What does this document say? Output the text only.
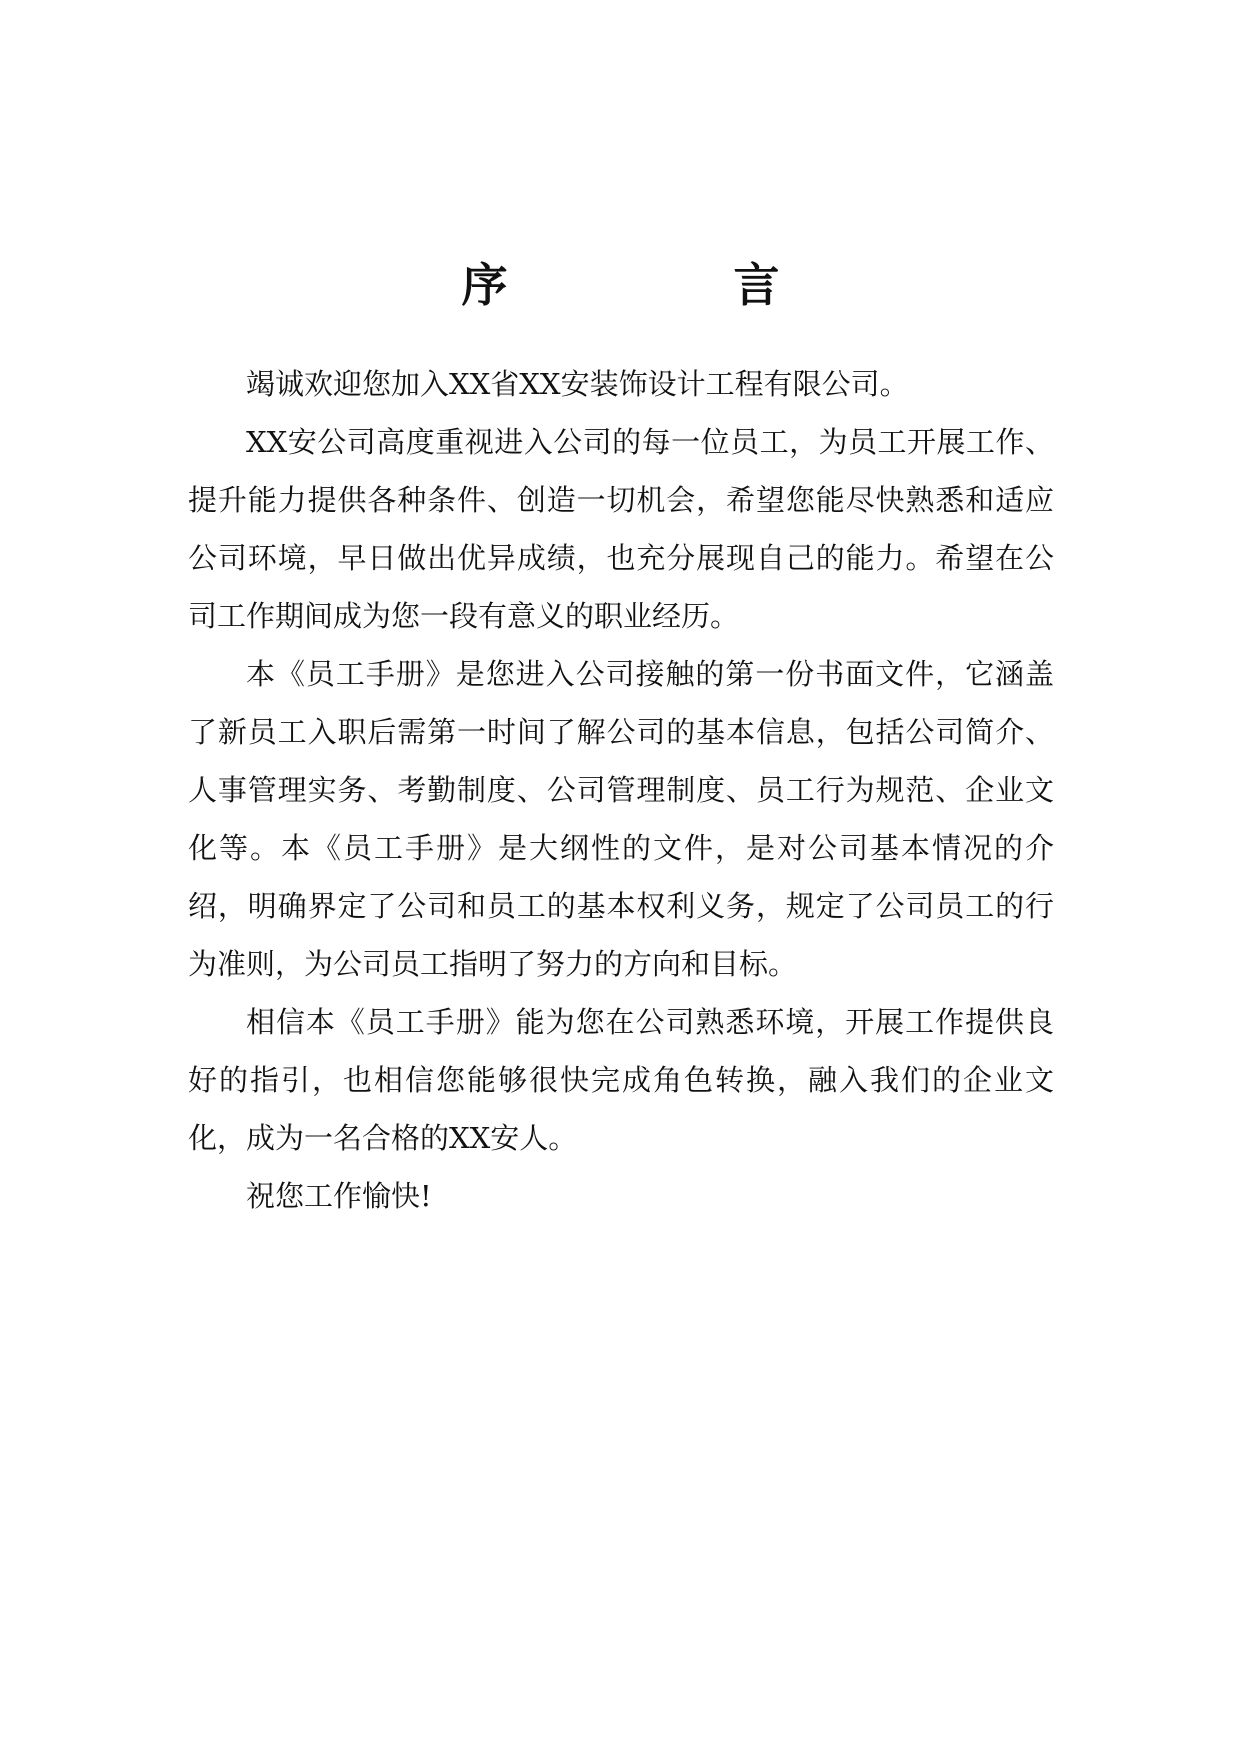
序　言

竭诚欢迎您加入XX省XX安装饰设计工程有限公司。

XX安公司高度重视进入公司的每一位员工，为员工开展工作、提升能力提供各种条件、创造一切机会，希望您能尽快熟悉和适应公司环境，早日做出优异成绩，也充分展现自己的能力。希望在公司工作期间成为您一段有意义的职业经历。

本《员工手册》是您进入公司接触的第一份书面文件，它涵盖了新员工入职后需第一时间了解公司的基本信息，包括公司简介、人事管理实务、考勤制度、公司管理制度、员工行为规范、企业文化等。本《员工手册》是大纲性的文件，是对公司基本情况的介绍，明确界定了公司和员工的基本权利义务，规定了公司员工的行为准则，为公司员工指明了努力的方向和目标。

相信本《员工手册》能为您在公司熟悉环境，开展工作提供良好的指引，也相信您能够很快完成角色转换，融入我们的企业文化，成为一名合格的XX安人。

祝您工作愉快!
